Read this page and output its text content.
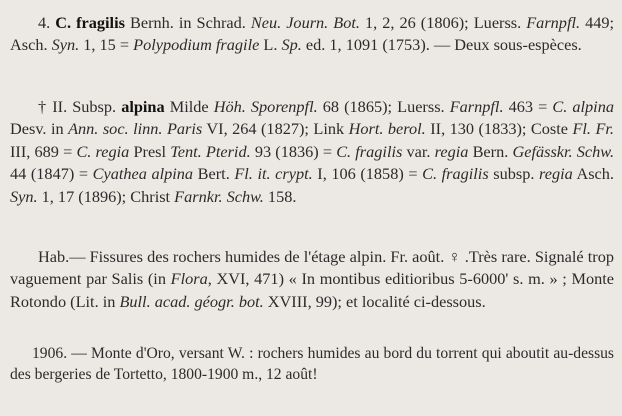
4. C. fragilis Bernh. in Schrad. Neu. Journ. Bot. 1, 2, 26 (1806); Luerss. Farnpfl. 449; Asch. Syn. 1, 15 = Polypodium fragile L. Sp. ed. 1, 1091 (1753). — Deux sous-espèces.

† II. Subsp. alpina Milde Höh. Sporenpfl. 68 (1865); Luerss. Farnpfl. 463 = C. alpina Desv. in Ann. soc. linn. Paris VI, 264 (1827); Link Hort. berol. II, 130 (1833); Coste Fl. Fr. III, 689 = C. regia Presl Tent. Pterid. 93 (1836) = C. fragilis var. regia Bern. Gefässkr. Schw. 44 (1847) = Cyathea alpina Bert. Fl. it. crypt. I, 106 (1858) = C. fragilis subsp. regia Asch. Syn. 1, 17 (1896); Christ Farnkr. Schw. 158.

Hab.— Fissures des rochers humides de l'étage alpin. Fr. août. ♀ .Très rare. Signalé trop vaguement par Salis (in Flora, XVI, 471) « In montibus editioribus 5-6000' s. m. » ; Monte Rotondo (Lit. in Bull. acad. géogr. bot. XVIII, 99); et localité ci-dessous.

1906. — Monte d'Oro, versant W. : rochers humides au bord du torrent qui aboutit au-dessus des bergeries de Tortetto, 1800-1900 m., 12 août!
